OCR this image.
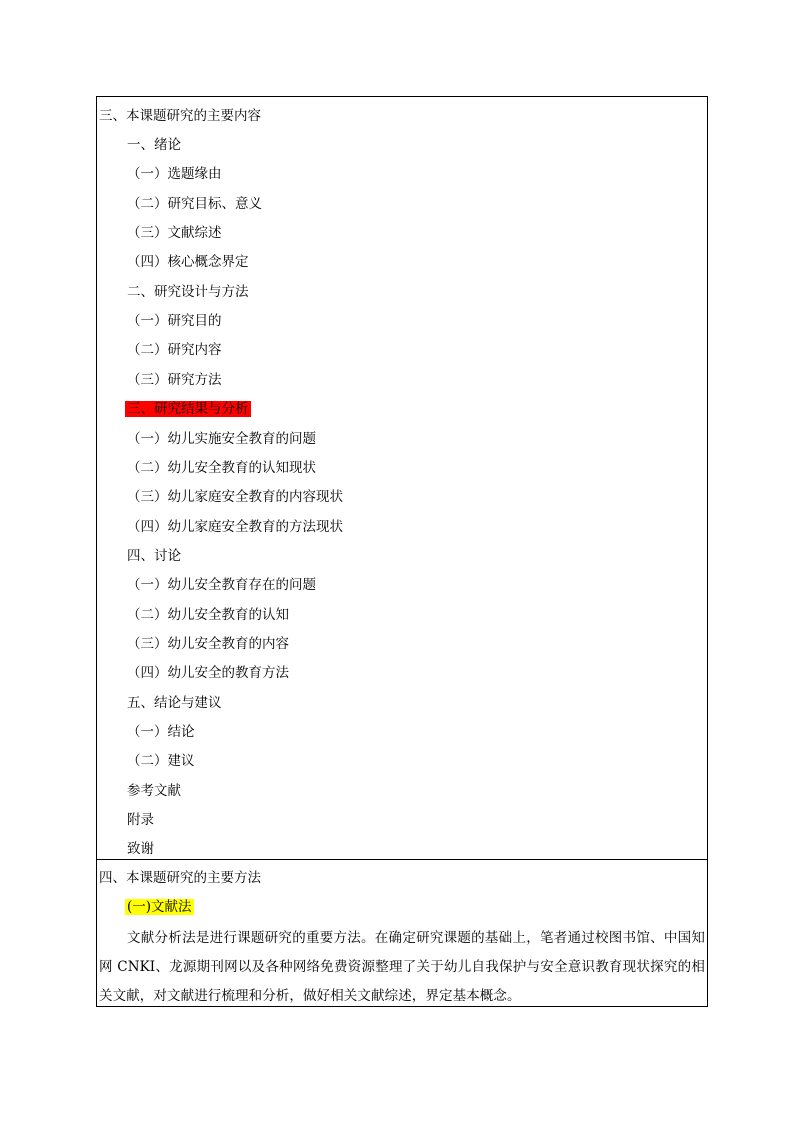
三、本课题研究的主要内容
一、绪论
（一）选题缘由
（二）研究目标、意义
（三）文献综述
（四）核心概念界定
二、研究设计与方法
（一）研究目的
（二）研究内容
（三）研究方法
三、研究结果与分析
（一）幼儿实施安全教育的问题
（二）幼儿安全教育的认知现状
（三）幼儿家庭安全教育的内容现状
（四）幼儿家庭安全教育的方法现状
四、讨论
（一）幼儿安全教育存在的问题
（二）幼儿安全教育的认知
（三）幼儿安全教育的内容
（四）幼儿安全的教育方法
五、结论与建议
（一）结论
（二）建议
参考文献
附录
致谢
四、本课题研究的主要方法
(一)文献法
文献分析法是进行课题研究的重要方法。在确定研究课题的基础上，笔者通过校图书馆、中国知网 CNKI、龙源期刊网以及各种网络免费资源整理了关于幼儿自我保护与安全意识教育现状探究的相关文献，对文献进行梳理和分析，做好相关文献综述，界定基本概念。
